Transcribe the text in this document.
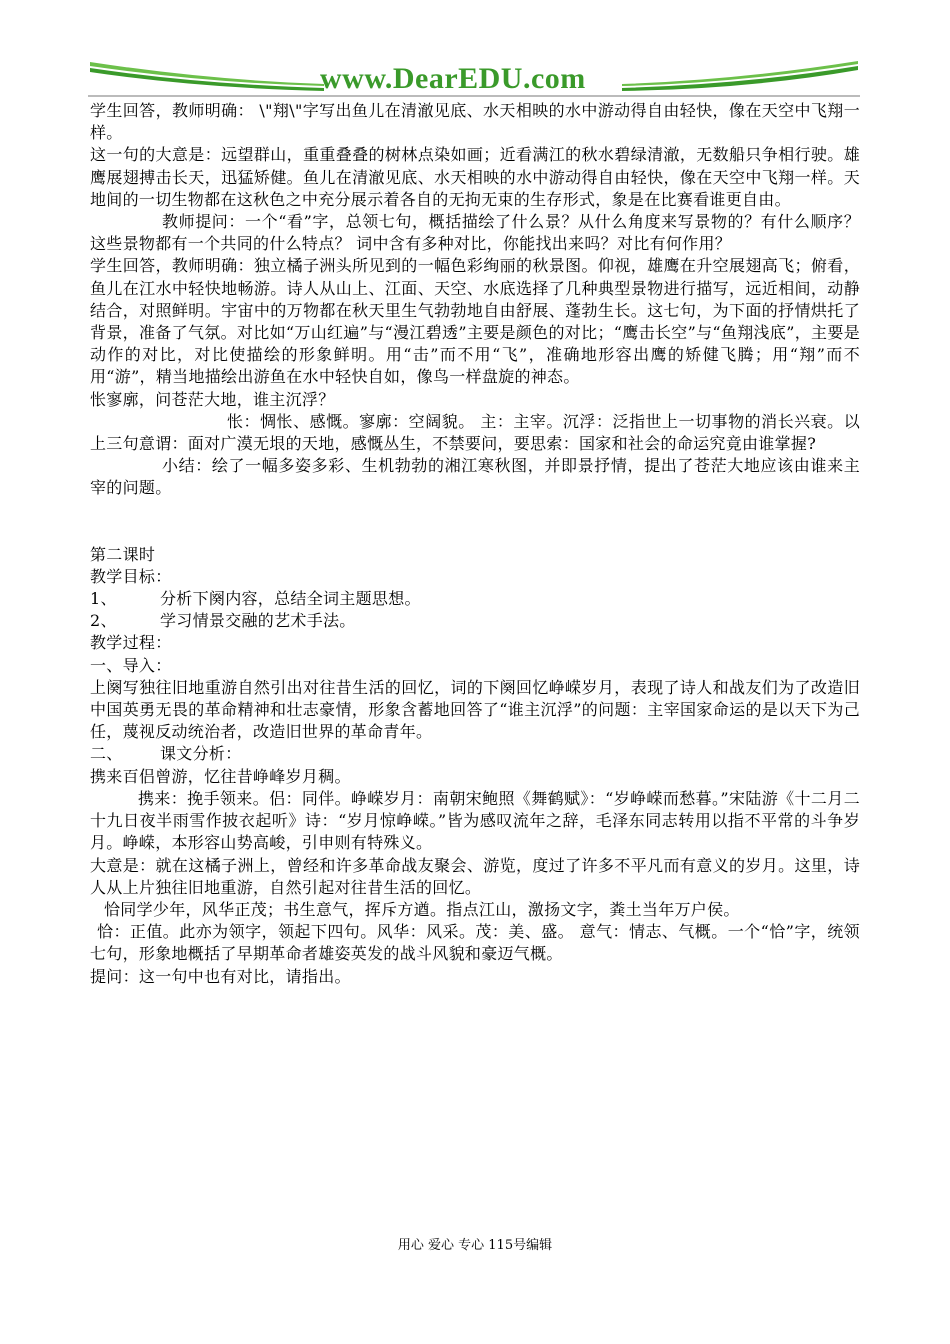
www.DearEDU.com

学生回答，教师明确： \"翔\"字写出鱼儿在清澈见底、水天相映的水中游动得自由轻快，像在天空中飞翔一样。

这一句的大意是：远望群山，重重叠叠的树林点染如画；近看满江的秋水碧绿清澈，无数船只争相行驶。雄鹰展翅搏击长天，迅猛矫健。鱼儿在清澈见底、水天相映的水中游动得自由轻快，像在天空中飞翔一样。天地间的一切生物都在这秋色之中充分展示着各自的无拘无束的生存形式，象是在比赛看谁更自由。

教师提问：一个“看”字，总领七句，概括描绘了什么景？从什么角度来写景物的？有什么顺序？这些景物都有一个共同的什么特点？ 词中含有多种对比，你能找出来吗？对比有何作用？

学生回答，教师明确：独立橘子洲头所见到的一幅色彩绚丽的秋景图。仰视，雄鹰在升空展翅高飞；俯看，鱼儿在江水中轻快地畅游。诗人从山上、江面、天空、水底选择了几种典型景物进行描写，远近相间，动静结合，对照鲜明。宇宙中的万物都在秋天里生气勃勃地自由舒展、蓬勃生长。这七句，为下面的抒情烘托了背景，准备了气氛。对比如“万山红遍”与“漫江碧透”主要是颜色的对比；“鹰击长空”与“鱼翔浅底”，主要是动作的对比，对比使描绘的形象鲜明。用“击”而不用“飞”，准确地形容出鹰的矫健飞腾；用“翔”而不用“游”，精当地描绘出游鱼在水中轻快自如，像鸟一样盘旋的神态。

怅寥廓，问苍茫大地，谁主沉浮？

怅：惆怅、感慨。寥廓：空阔貌。 主：主宰。沉浮：泛指世上一切事物的消长兴衰。以上三句意谓：面对广漠无垠的天地，感慨丛生，不禁要问，要思索：国家和社会的命运究竟由谁掌握?

小结：绘了一幅多姿多彩、生机勃勃的湘江寒秋图，并即景抒情，提出了苍茫大地应该由谁来主宰的问题。

第二课时

教学目标：

1、	分析下阕内容，总结全词主题思想。

2、	学习情景交融的艺术手法。

教学过程：

一、导入：

上阕写独往旧地重游自然引出对往昔生活的回忆，词的下阕回忆峥嵘岁月，表现了诗人和战友们为了改造旧中国英勇无畏的革命精神和壮志豪情，形象含蓄地回答了“谁主沉浮”的问题：主宰国家命运的是以天下为己任，蔑视反动统治者，改造旧世界的革命青年。

二、 课文分析：

携来百侣曾游，忆往昔峥峰岁月稠。

携来：挽手领来。侣：同伴。峥嵘岁月：南朝宋鲍照《舞鹤赋》：“岁峥嵘而愁暮。”宋陆游《十二月二十九日夜半雨雪作披衣起听》诗：“岁月惊峥嵘。”皆为感叹流年之辞，毛泽东同志转用以指不平常的斗争岁月。峥嵘，本形容山势高峻，引申则有特殊义。

大意是：就在这橘子洲上，曾经和许多革命战友聚会、游览，度过了许多不平凡而有意义的岁月。这里，诗人从上片独往旧地重游，自然引起对往昔生活的回忆。

恰同学少年，风华正茂；书生意气，挥斥方遒。指点江山，激扬文字，粪土当年万户侯。

恰：正值。此亦为领字，领起下四句。风华：风采。茂：美、盛。 意气：情志、气概。一个“恰”字，统领七句，形象地概括了早期革命者雄姿英发的战斗风貌和豪迈气概。

提问：这一句中也有对比，请指出。

用心 爱心 专心 115号编辑
